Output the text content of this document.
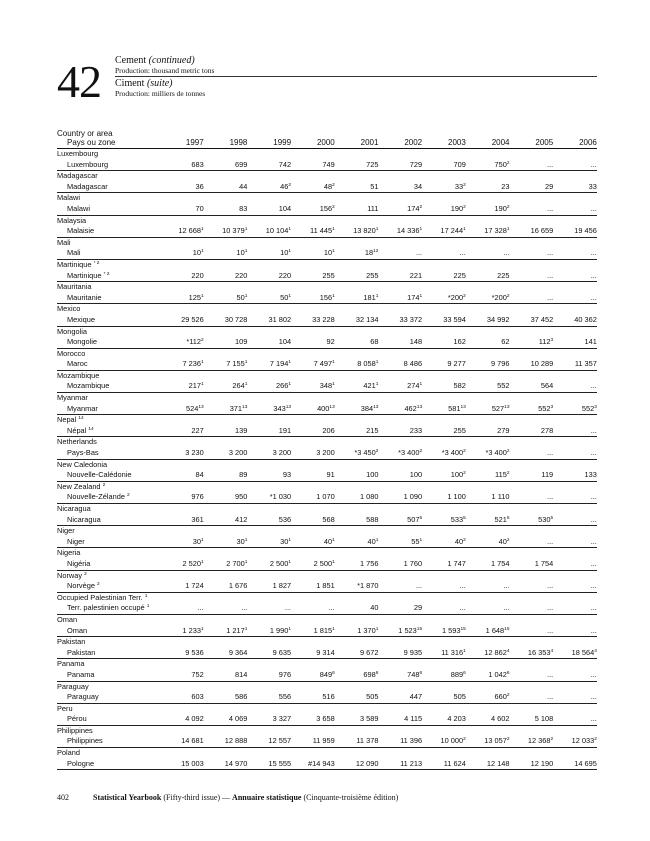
42 Cement (continued)
Production: thousand metric tons
Ciment (suite)
Production: milliers de tonnes
Country or area
Pays ou zone	1997	1998	1999	2000	2001	2002	2003	2004	2005	2006
Luxembourg
Luxembourg	683	699	742	749	725	729	709	$750^2$	...	...
Madagascar
Madagascar	36	44	$46^2$	$48^2$	51	34	$33^2$	23	29	33
Malawi
Malawi	70	83	104	$156^2$	111	$174^2$	$190^2$	$190^2$	...	...
Malaysia
Malaisie	12 $668^1$	10 $379^1$	10 $104^1$	11 $445^1$	13 $820^1$	14 $336^1$	17 $244^1$	17 $328^1$	16 659	19 456
Mali
Mali	$10^1$	$10^1$	$10^1$	$10^1$	$18^{12}$	...	...	...	...	...
Martinique $^{* 2}$
Martinique $^{* 2}$	220	220	220	255	255	221	225	225	...	...
Mauritania
Mauritanie	$125^1$	$50^1$	$50^1$	$156^1$	$181^1$	$174^1$	$*200^2$	$*200^2$	...	...
Mexico
Mexique	29 526	30 728	31 802	33 228	32 134	33 372	33 594	34 992	37 452	40 362
Mongolia
Mongolie	$*112^2$	109	104	92	68	148	162	62	$112^3$	141
Morocco
Maroc	7 $236^1$	7 $155^1$	7 $194^1$	7 $497^1$	8 $058^1$	8 486	9 277	9 796	10 289	11 357
Mozambique
Mozambique	$217^1$	$264^1$	$266^1$	$348^1$	$421^1$	$274^1$	582	552	564	...
Myanmar
Myanmar	$524^{13}$	$371^{13}$	$343^{13}$	$400^{13}$	$384^{13}$	$462^{13}$	$581^{13}$	$527^{13}$	$552^3$	$552^3$
Nepal $^{14}$
Népal $^{14}$	227	139	191	206	215	233	255	279	278	...
Netherlands
Pays-Bas	3 230	3 200	3 200	3 200	*3 $450^2$	*3 $400^2$	*3 $400^2$	*3 $400^2$	...	...
New Caledonia
Nouvelle-Calédonie	84	89	93	91	100	100	$100^2$	$115^2$	119	133
New Zealand $^2$
Nouvelle-Zélande $^2$	976	950	*1 030	1 070	1 080	1 090	1 100	1 110	...	...
Nicaragua
Nicaragua	361	412	536	568	588	$507^5$	$533^5$	$521^5$	$530^5$	...
Niger
Niger	$30^1$	$30^1$	$30^1$	$40^1$	$40^1$	$55^1$	$40^2$	$40^2$	...	...
Nigeria
Nigéria	2 $520^1$	2 $700^1$	2 $500^1$	2 $500^1$	1 756	1 760	1 747	1 754	1 754	...
Norway $^2$
Norvège $^2$	1 724	1 676	1 827	1 851	*1 870	...	...	...	...	...
Occupied Palestinian Terr. $^1$
Terr. palestinien occupé $^1$	...	...	...	...	40	29	...	...	...	...
Oman
Oman	1 $233^1$	1 $217^1$	1 $990^1$	1 $815^1$	1 $370^1$	1 $523^{15}$	1 $593^{15}$	1 $648^{15}$	...	...
Pakistan
Pakistan	9 536	9 364	9 635	9 314	9 672	9 935	11 $316^1$	12 $862^4$	16 $353^4$	18 $564^4$
Panama
Panama	752	814	976	$849^6$	$698^6$	$748^6$	$889^6$	1 $042^6$	...	...
Paraguay
Paraguay	603	586	556	516	505	447	505	$660^2$	...	...
Peru
Pérou	4 092	4 069	3 327	3 658	3 589	4 115	4 203	4 602	5 108	...
Philippines
Philippines	14 681	12 888	12 557	11 959	11 378	11 396	10 $000^2$	13 $057^2$	12 $368^2$	12 $033^2$
Poland
Pologne	15 003	14 970	15 555	#14 943	12 090	11 213	11 624	12 148	12 190	14 695
402	Statistical Yearbook (Fifty-third issue) — Annuaire statistique (Cinquante-troisième édition)
